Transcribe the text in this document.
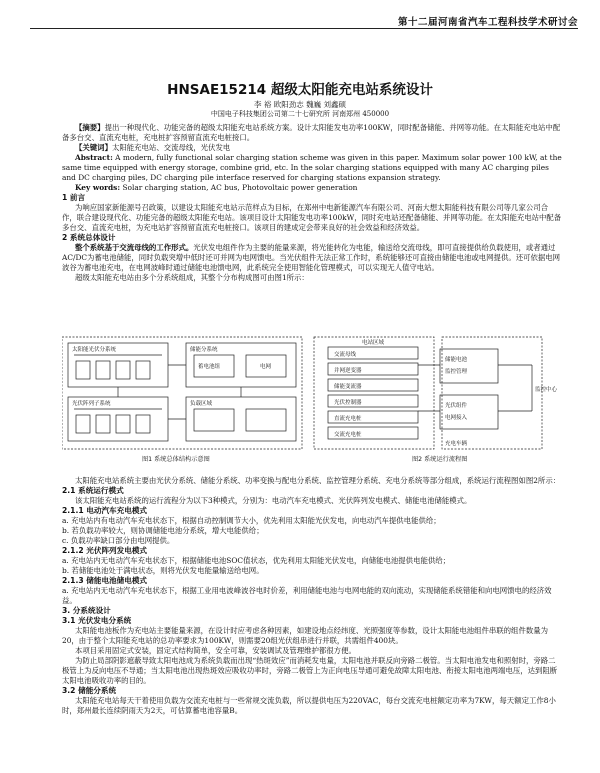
第十二届河南省汽车工程科技学术研讨会
HNSAE15214 超级太阳能充电站系统设计
李 裕 欧阳劲志 魏巍 刘鑫硕
中国电子科技集团公司第二十七研究所 河南郑州 450000

【摘要】提出一种现代化、功能完备的超级太阳能充电站系统方案。设计太阳能发电功率100KW，同时配备储能、并网等功能。在太阳能充电站中配备多台交、直流充电桩，充电桩扩容预留直流充电桩接口。

【关键词】太阳能充电站、交流母线，光伏发电

Abstract: A modern, fully functional solar charging station scheme was given in this paper. Maximum solar power 100 kW, at the same time equipped with energy storage, combine grid, etc. In the solar charging stations equipped with many AC charging piles and DC charging piles, DC charging pile interface reserved for charging stations expansion strategy.

Key words: Solar charging station, AC bus, Photovoltaic power generation

1 前言

为响应国家新能源号召政策，以建设太阳能充电站示范样点为目标，在郑州中电新能源汽车有限公司、河南大想太阳能科技有限公司等几家公司合作，联合建设现代化、功能完备的超级太阳能充电站。该项目设计太阳能发电功率100kW，同时充电站还配备储能、并网等功能。在太阳能充电站中配备多台交、直流充电桩，为充电站扩容预留直流充电桩接口。该项目的建成定会带来良好的社会效益和经济效益。

2 系统总体设计

整个系统基于交流母线的工作形式。光伏发电组件作为主要的能量来源，将光能转化为电能，输送给交流母线，即可直接提供给负载使用，或者通过AC/DC为蓄电池储能，同时负载突增中低时还可并网为电网馈电。当光伏组件无法正常工作时，系统能够还可直接由储能电池或电网提供。还可依据电网波谷为蓄电池充电，在电网波峰时通过储能电池馈电网，此系统完全使用智能化管理模式，可以实现无人值守电站。

超级太阳能充电站由多个分系统组成，其整个分布构成图可由图1所示：

太阳能光伏分系统
光伏阵列子系统
储能分系统
负载区域
蓄电池组	电网
电站区域
交流母线
并网逆变器
储能变流器
光伏控制器
直流充电桩
交流充电桩
储能电池
监控管理
光伏组件
电网接入
充电车辆
监控中心
图1 系统总体结构示意图	图2 系统运行流程图

太阳能充电站系统主要由光伏分系统、储能分系统、功率变换与配电分系统、监控管理分系统、充电分系统等部分组成，系统运行流程图如图2所示：

2.1 系统运行模式

该太阳能充电站系统的运行流程分为以下3种模式，分别为：电动汽车充电模式、光伏阵列发电模式、储能电池储能模式。

2.1.1 电动汽车充电模式

a. 充电站内有电动汽车充电状态下，根据自动控制调节大小，优先利用太阳能光伏发电，向电动汽车提供电能供给；

b. 若负载功率较大，则协调储能电池分系统，增大电能供给；

c. 负载功率缺口部分由电网提供。

2.1.2 光伏阵列发电模式

a. 充电站内无电动汽车充电状态下，根据储能电池SOC值状态，优先利用太阳能光伏发电，向储能电池提供电能供给；

b. 若储能电池处于满电状态，则将光伏发电能量输送给电网。

2.1.3 储能电池储电模式

a. 充电站内无电动汽车充电状态下，根据工业用电波峰波谷电时价差，利用储能电池与电网电能的双向流动，实现储能系统错能和向电网馈电的经济效益。

3. 分系统设计

3.1 光伏发电分系统

太阳能电池板作为充电站主要能量来源，在设计时应考虑各种因素，如建设地点经纬度、光照强度等参数，设计太阳能电池组件串联的组件数量为20，由于整个太阳能充电站的总功率要求为100KW，则需要20组光伏组串进行并联，共需组件400块。

本项目采用固定式安装，固定式结构简单，安全可靠，安装调试及管理维护都很方便。

为防止局部阴影遮蔽导致太阳电池成为系统负载而出现“热斑效应”而消耗发电量，太阳电池并联反向旁路二极管。当太阳电池发电和照射时，旁路二极管上为反向电压不导通；当太阳电池出现热斑效应吸收功率时，旁路二极管上为正向电压导通可避免故障太阳电池、衔接太阳电池两端电压，达到阻断太阳电池吸收功率的目的。

3.2 储能分系统

太阳能充电站每天干着使用负载为交流充电桩与一些常规交流负载，所以提供电压为220VAC，每台交流充电桩额定功率为7KW，每天额定工作8小时，郑州最长连续阴雨天为2天，可估算蓄电池容量B。
